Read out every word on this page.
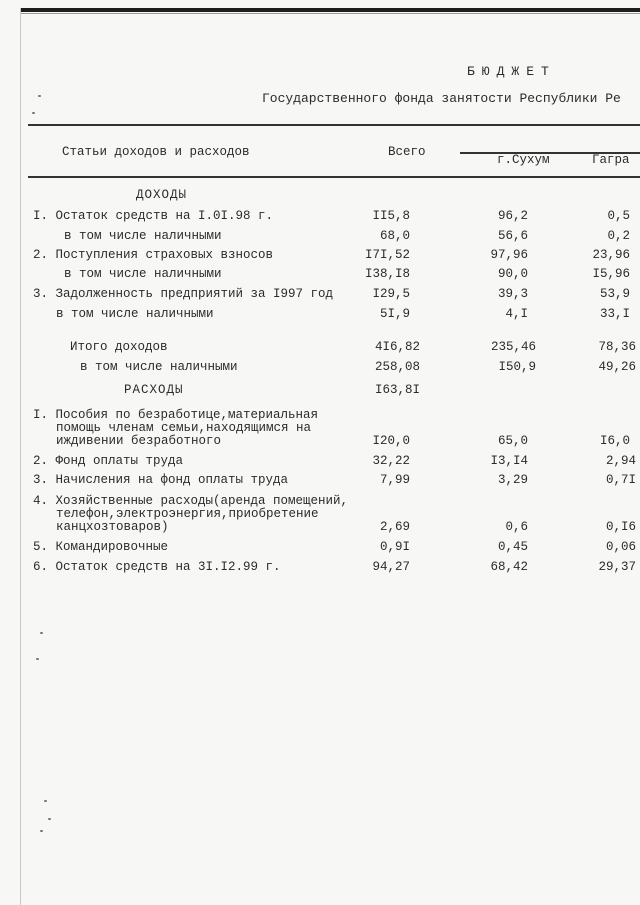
БЮДЖЕТ
Государственного фонда занятости Республики Ре
Статьи доходов и расходов	Всего
г.Сухум	Гагра
ДОХОДЫ
I. Остаток средств на I.0I.98 г.	II5,8	96,2	0,5
в том числе наличными	68,0	56,6	0,2
2. Поступления страховых взносов	I7I,52	97,96	23,96
в том числе наличными	I38,I8	90,0	I5,96
3. Задолженность предприятий за I997 год	I29,5	39,3	53,9
в том числе наличными	5I,9	4,I	33,I
Итого доходов	4I6,82	235,46	78,36
в том числе наличными	258,08	I50,9	49,26
РАСХОДЫ	I63,8I
I. Пособия по безработице,материальная
помощь членам семьи,находящимся на
иждивении безработного	I20,0	65,0	I6,0
2. Фонд оплаты труда	32,22	I3,I4	2,94
3. Начисления на фонд оплаты труда	7,99	3,29	0,7I
4. Хозяйственные расходы(аренда помещений,
телефон,электроэнергия,приобретение
канцхозтоваров)	2,69	0,6	0,I6
5. Командировочные	0,9I	0,45	0,06
6. Остаток средств на 3I.I2.99 г.	94,27	68,42	29,37
